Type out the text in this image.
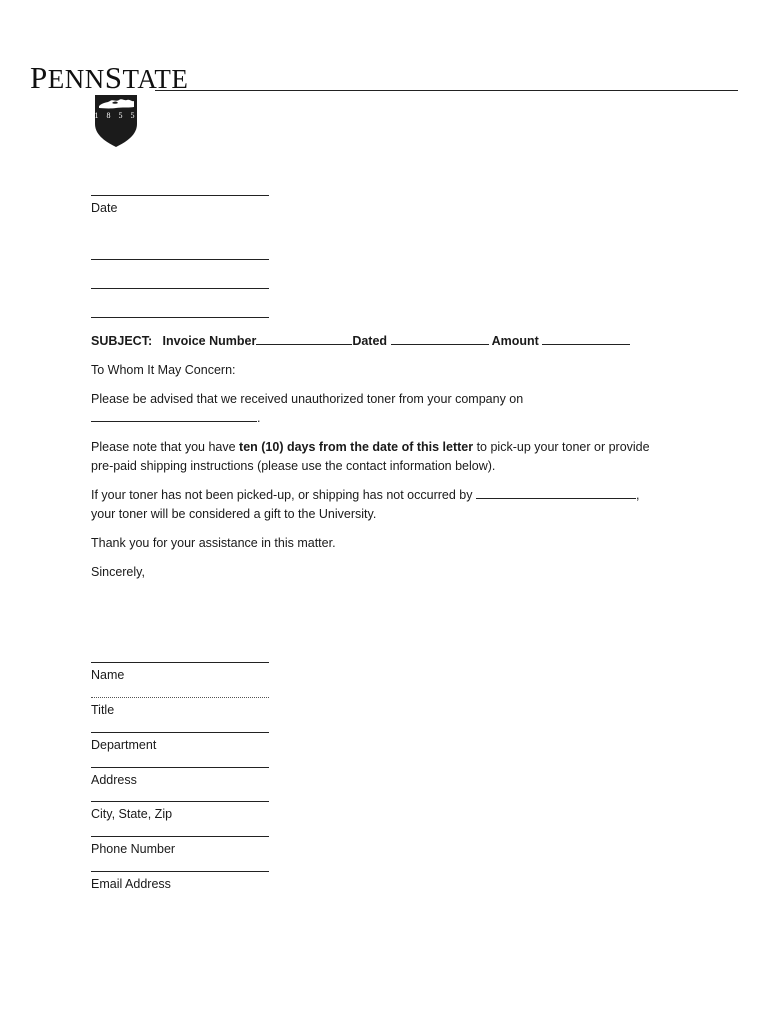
PENNSTATE
1 8 5 5
Date
SUBJECT: Invoice Number	Dated	Amount
To Whom It May Concern:
Please be advised that we received unauthorized toner from your company on
.
Please note that you have ten (10) days from the date of this letter to pick-up your toner or provide
pre-paid shipping instructions (please use the contact information below).
If your toner has not been picked-up, or shipping has not occurred by	,
your toner will be considered a gift to the University.
Thank you for your assistance in this matter.
Sincerely,
Name
Title
Department
Address
City, State, Zip
Phone Number
Email Address
